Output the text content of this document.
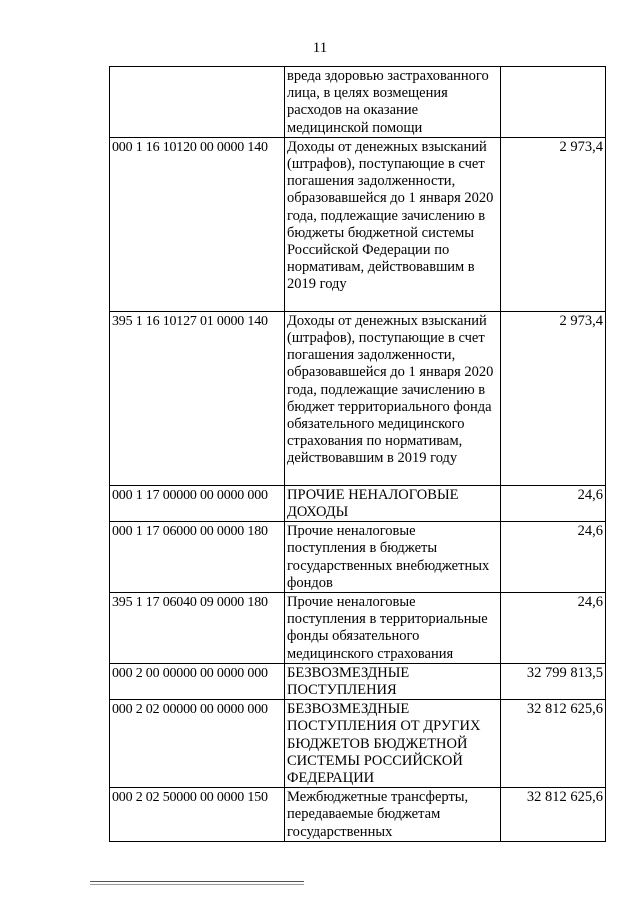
11
	вреда здоровью застрахованного лица, в целях возмещения расходов на оказание медицинской помощи	
000 1 16 10120 00 0000 140	Доходы от денежных взысканий (штрафов), поступающие в счет погашения задолженности, образовавшейся до 1 января 2020 года, подлежащие зачислению в бюджеты бюджетной системы Российской Федерации по нормативам, действовавшим в 2019 году	2 973,4
395 1 16 10127 01 0000 140	Доходы от денежных взысканий (штрафов), поступающие в счет погашения задолженности, образовавшейся до 1 января 2020 года, подлежащие зачислению в бюджет территориального фонда обязательного медицинского страхования по нормативам, действовавшим в 2019 году	2 973,4
000 1 17 00000 00 0000 000	ПРОЧИЕ НЕНАЛОГОВЫЕ ДОХОДЫ	24,6
000 1 17 06000 00 0000 180	Прочие неналоговые поступления в бюджеты государственных внебюджетных фондов	24,6
395 1 17 06040 09 0000 180	Прочие неналоговые поступления в территориальные фонды обязательного медицинского страхования	24,6
000 2 00 00000 00 0000 000	БЕЗВОЗМЕЗДНЫЕ ПОСТУПЛЕНИЯ	32 799 813,5
000 2 02 00000 00 0000 000	БЕЗВОЗМЕЗДНЫЕ ПОСТУПЛЕНИЯ ОТ ДРУГИХ БЮДЖЕТОВ БЮДЖЕТНОЙ СИСТЕМЫ РОССИЙСКОЙ ФЕДЕРАЦИИ	32 812 625,6
000 2 02 50000 00 0000 150	Межбюджетные трансферты, передаваемые бюджетам государственных	32 812 625,6
